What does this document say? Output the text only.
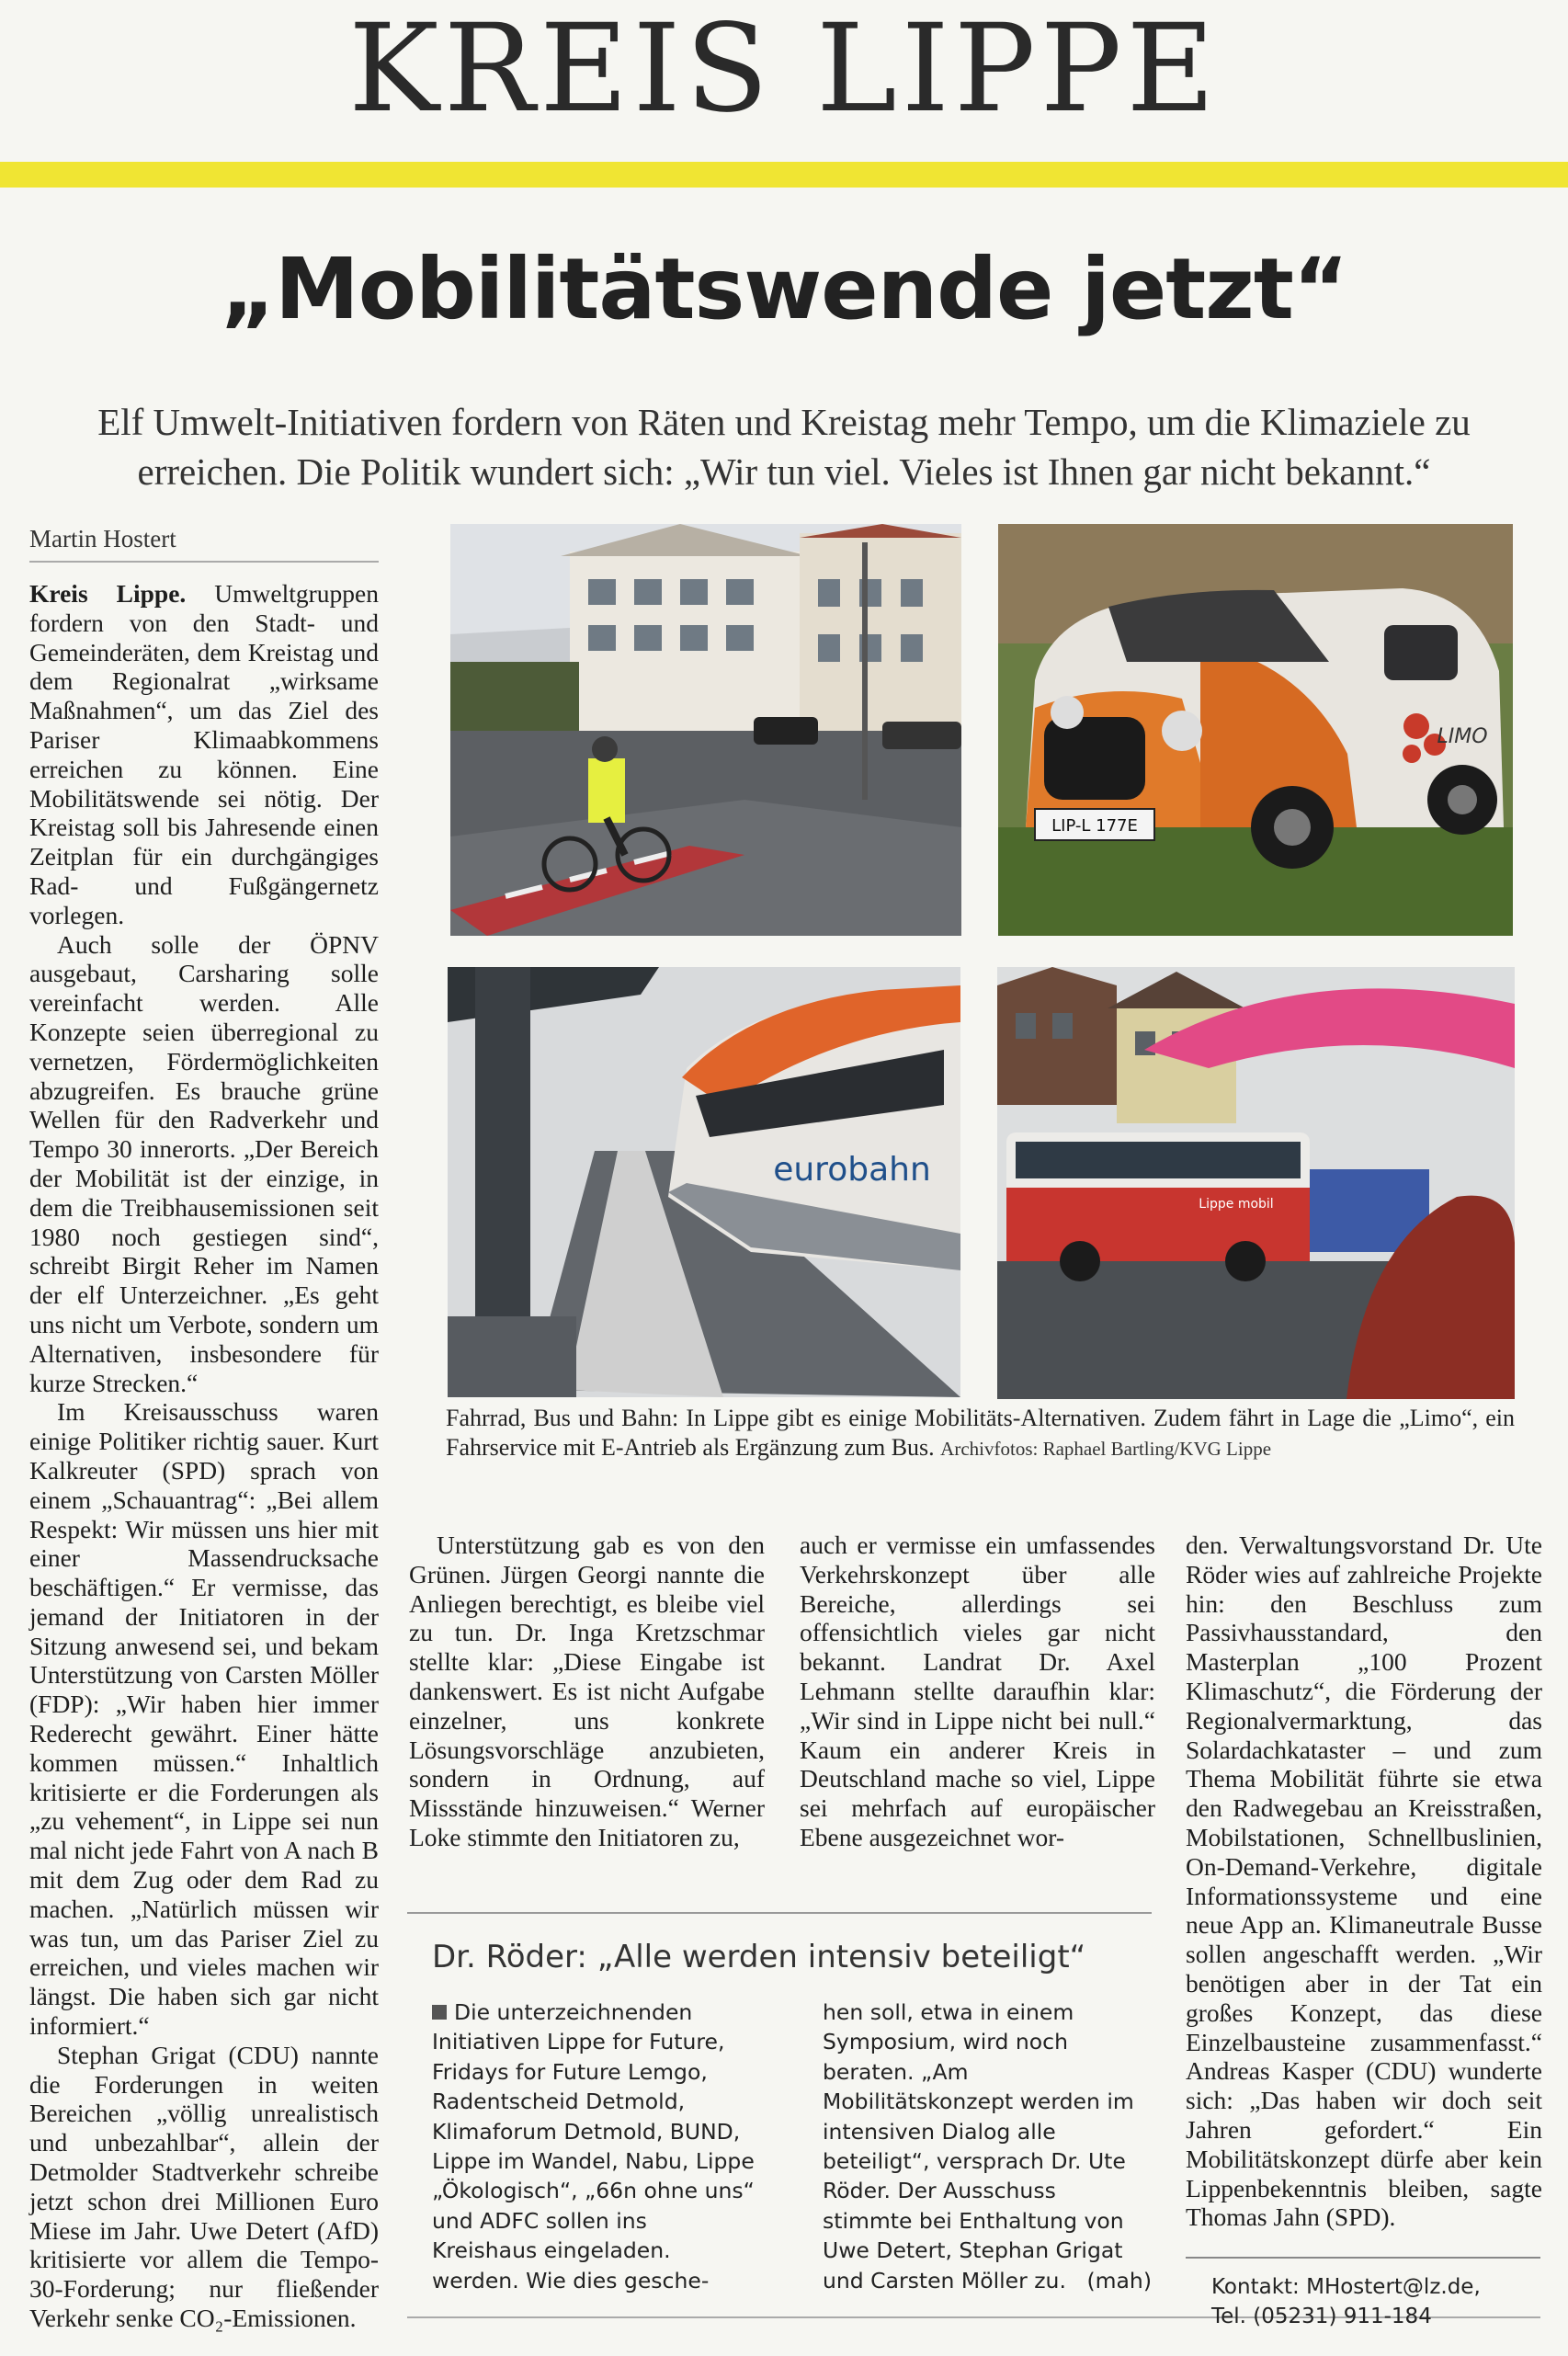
KREIS LIPPE
„Mobilitätswende jetzt“
Elf Umwelt-Initiativen fordern von Räten und Kreistag mehr Tempo, um die Klimaziele zu erreichen. Die Politik wundert sich: „Wir tun viel. Vieles ist Ihnen gar nicht bekannt.“
Martin Hostert

Kreis Lippe. Umweltgruppen fordern von den Stadt- und Gemeinderäten, dem Kreistag und dem Regionalrat „wirksame Maßnahmen“, um das Ziel des Pariser Klimaabkommens erreichen zu können. Eine Mobilitätswende sei nötig. Der Kreistag soll bis Jahresende einen Zeitplan für ein durchgängiges Rad- und Fußgängernetz vorlegen.

Auch solle der ÖPNV ausgebaut, Carsharing solle vereinfacht werden. Alle Konzepte seien überregional zu vernetzen, Fördermöglichkeiten abzugreifen. Es brauche grüne Wellen für den Radverkehr und Tempo 30 innerorts. „Der Bereich der Mobilität ist der einzige, in dem die Treibhausemissionen seit 1980 noch gestiegen sind“, schreibt Birgit Reher im Namen der elf Unterzeichner. „Es geht uns nicht um Verbote, sondern um Alternativen, insbesondere für kurze Strecken.“

Im Kreisausschuss waren einige Politiker richtig sauer. Kurt Kalkreuter (SPD) sprach von einem „Schauantrag“: „Bei allem Respekt: Wir müssen uns hier mit einer Massendrucksache beschäftigen.“ Er vermisse, das jemand der Initiatoren in der Sitzung anwesend sei, und bekam Unterstützung von Carsten Möller (FDP): „Wir haben hier immer Rederecht gewährt. Einer hätte kommen müssen.“ Inhaltlich kritisierte er die Forderungen als „zu vehement“, in Lippe sei nun mal nicht jede Fahrt von A nach B mit dem Zug oder dem Rad zu machen. „Natürlich müssen wir was tun, um das Pariser Ziel zu erreichen, und vieles machen wir längst. Die haben sich gar nicht informiert.“

Stephan Grigat (CDU) nannte die Forderungen in weiten Bereichen „völlig unrealistisch und unbezahlbar“, allein der Detmolder Stadtverkehr schreibe jetzt schon drei Millionen Euro Miese im Jahr. Uwe Detert (AfD) kritisierte vor allem die Tempo-30-Forderung; nur fließender Verkehr senke CO₂-Emissionen.

LIP-L 177E
LIMO
eurobahn
Lippe mobil
Fahrrad, Bus und Bahn: In Lippe gibt es einige Mobilitäts-Alternativen. Zudem fährt in Lage die „Limo“, ein Fahrservice mit E-Antrieb als Ergänzung zum Bus. Archivfotos: Raphael Bartling/KVG Lippe

Unterstützung gab es von den Grünen. Jürgen Georgi nannte die Anliegen berechtigt, es bleibe viel zu tun. Dr. Inga Kretzschmar stellte klar: „Diese Eingabe ist dankenswert. Es ist nicht Aufgabe einzelner, uns konkrete Lösungsvorschläge anzubieten, sondern in Ordnung, auf Missstände hinzuweisen.“ Werner Loke stimmte den Initiatoren zu,

auch er vermisse ein umfassendes Verkehrskonzept über alle Bereiche, allerdings sei offensichtlich vieles gar nicht bekannt. Landrat Dr. Axel Lehmann stellte daraufhin klar: „Wir sind in Lippe nicht bei null.“ Kaum ein anderer Kreis in Deutschland mache so viel, Lippe sei mehrfach auf europäischer Ebene ausgezeichnet wor-

den. Verwaltungsvorstand Dr. Ute Röder wies auf zahlreiche Projekte hin: den Beschluss zum Passivhausstandard, den Masterplan „100 Prozent Klimaschutz“, die Förderung der Regionalvermarktung, das Solardachkataster – und zum Thema Mobilität führte sie etwa den Radwegebau an Kreisstraßen, Mobilstationen, Schnellbuslinien, On-Demand-Verkehre, digitale Informationssysteme und eine neue App an. Klimaneutrale Busse sollen angeschafft werden. „Wir benötigen aber in der Tat ein großes Konzept, das diese Einzelbausteine zusammenfasst.“ Andreas Kasper (CDU) wunderte sich: „Das haben wir doch seit Jahren gefordert.“ Ein Mobilitätskonzept dürfe aber kein Lippenbekenntnis bleiben, sagte Thomas Jahn (SPD).

Dr. Röder: „Alle werden intensiv beteiligt“

Die unterzeichnenden Initiativen Lippe for Future, Fridays for Future Lemgo, Radentscheid Detmold, Klimaforum Detmold, BUND, Lippe im Wandel, Nabu, Lippe „Ökologisch“, „66n ohne uns“ und ADFC sollen ins Kreishaus eingeladen. werden. Wie dies gesche-

hen soll, etwa in einem Symposium, wird noch beraten. „Am Mobilitätskonzept werden im intensiven Dialog alle beteiligt“, versprach Dr. Ute Röder. Der Ausschuss stimmte bei Enthaltung von Uwe Detert, Stephan Grigat und Carsten Möller zu. (mah)	Kontakt: MHostert@lz.de,
Tel. (05231) 911-184
